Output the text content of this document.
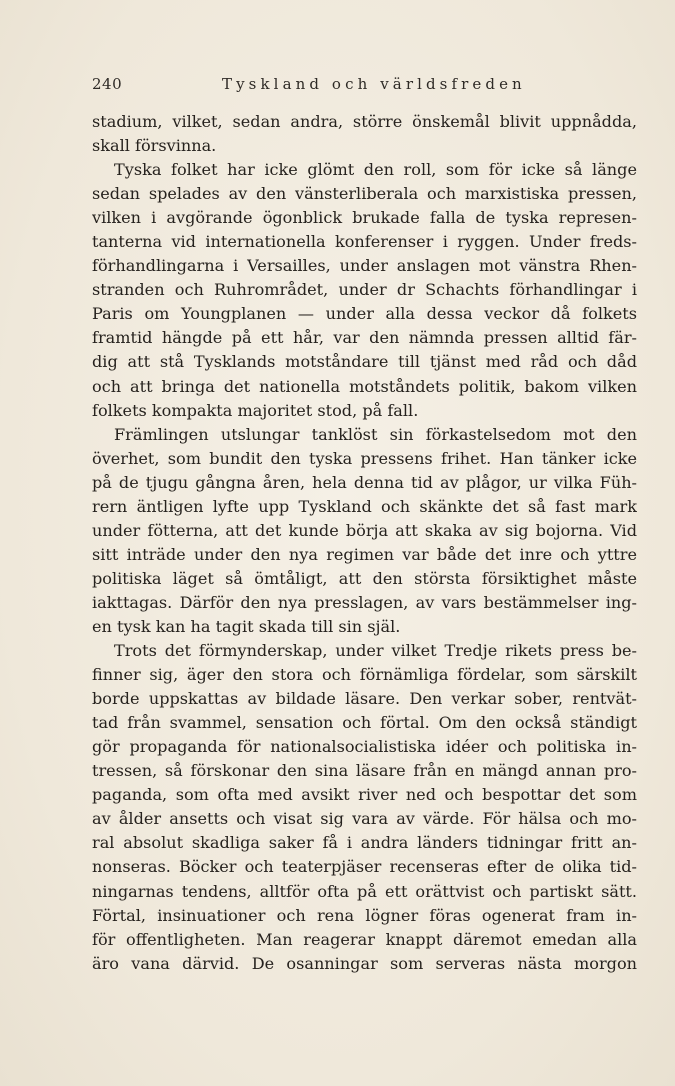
240	Tyskland och världsfreden
stadium, vilket, sedan andra, större önskemål blivit uppnådda,
skall försvinna.
Tyska folket har icke glömt den roll, som för icke så länge
sedan spelades av den vänsterliberala och marxistiska pressen,
vilken i avgörande ögonblick brukade falla de tyska represen-
tanterna vid internationella konferenser i ryggen. Under freds-
förhandlingarna i Versailles, under anslagen mot vänstra Rhen-
stranden och Ruhrområdet, under dr Schachts förhandlingar i
Paris om Youngplanen — under alla dessa veckor då folkets
framtid hängde på ett hår, var den nämnda pressen alltid fär-
dig att stå Tysklands motståndare till tjänst med råd och dåd
och att bringa det nationella motståndets politik, bakom vilken
folkets kompakta majoritet stod, på fall.
Främlingen utslungar tanklöst sin förkastelsedom mot den
överhet, som bundit den tyska pressens frihet. Han tänker icke
på de tjugu gångna åren, hela denna tid av plågor, ur vilka Füh-
rern äntligen lyfte upp Tyskland och skänkte det så fast mark
under fötterna, att det kunde börja att skaka av sig bojorna. Vid
sitt inträde under den nya regimen var både det inre och yttre
politiska läget så ömtåligt, att den största försiktighet måste
iakttagas. Därför den nya presslagen, av vars bestämmelser ing-
en tysk kan ha tagit skada till sin själ.
Trots det förmynderskap, under vilket Tredje rikets press be-
finner sig, äger den stora och förnämliga fördelar, som särskilt
borde uppskattas av bildade läsare. Den verkar sober, rentvät-
tad från svammel, sensation och förtal. Om den också ständigt
gör propaganda för nationalsocialistiska idéer och politiska in-
tressen, så förskonar den sina läsare från en mängd annan pro-
paganda, som ofta med avsikt river ned och bespottar det som
av ålder ansetts och visat sig vara av värde. För hälsa och mo-
ral absolut skadliga saker få i andra länders tidningar fritt an-
nonseras. Böcker och teaterpjäser recenseras efter de olika tid-
ningarnas tendens, alltför ofta på ett orättvist och partiskt sätt.
Förtal, insinuationer och rena lögner föras ogenerat fram in-
för offentligheten. Man reagerar knappt däremot emedan alla
äro vana därvid. De osanningar som serveras nästa morgon
